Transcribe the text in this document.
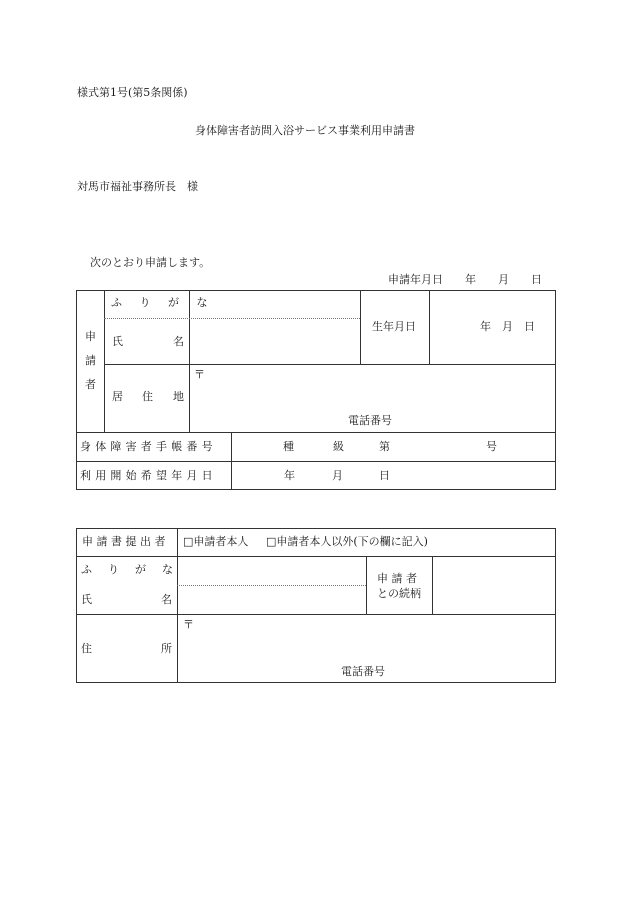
様式第1号(第5条関係)
身体障害者訪問入浴サービス事業利用申請書
対馬市福祉事務所長　様
次のとおり申請します。
申請年月日　　年　　月　　日
申
請
者
ふ り が な
氏	名
生年月日	年　月　日
居 住 地
〒
電話番号
身体障害者手帳番号	種	級	第	号
利用開始希望年月日	年	月	日
申請書提出者 □申請者本人 □申請者本人以外(下の欄に記入)
ふ り が な
氏	名
申 請 者
との続柄
住	所
〒
電話番号
